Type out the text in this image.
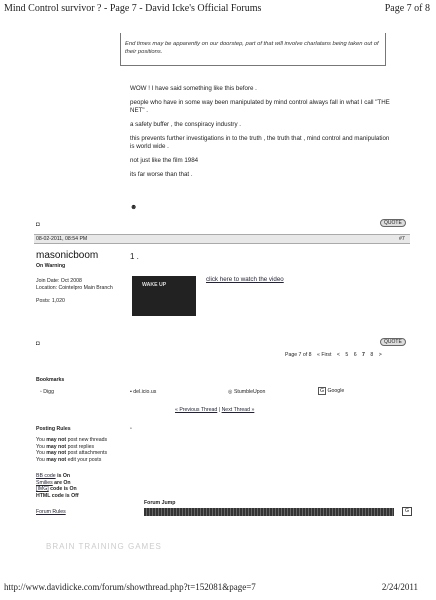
Mind Control survivor ? - Page 7 - David Icke's Official Forums	Page 7 of 8
End times may be apparently on our doorstep, part of that will involve charlatans being taken out of their positions.
WOW ! I have said something like this before .
people who have in some way been manipulated by mind control always fall in what I call "THE NET" .
a safety buffer , the conspiracy industry .
this prevents further investigations in to the truth , the truth that , mind control and manipulation is world wide .
not just like the film 1984
its far worse than that .
☻
◘	QUOTE
08-02-2011, 08:54 PM	#7
masonicboom
On Warning
Join Date: Oct 2008
Location: Cointelpro Main Branch
Posts: 1,020
1 .
WAKE UP
click here to watch the video
◘	QUOTE
Page 7 of 8 « First < 5 6 7 8 >
Bookmarks
◦ Digg	▪ del.icio.us	◎ StumbleUpon	G Google
« Previous Thread | Next Thread »
Posting Rules	▫
You may not post new threads
You may not post replies
You may not post attachments
You may not edit your posts
BB code is On
Smilies are On
[IMG] code is On
HTML code is Off
Forum Rules
Forum Jump
G
BRAIN TRAINING GAMES
http://www.davidicke.com/forum/showthread.php?t=152081&page=7	2/24/2011
